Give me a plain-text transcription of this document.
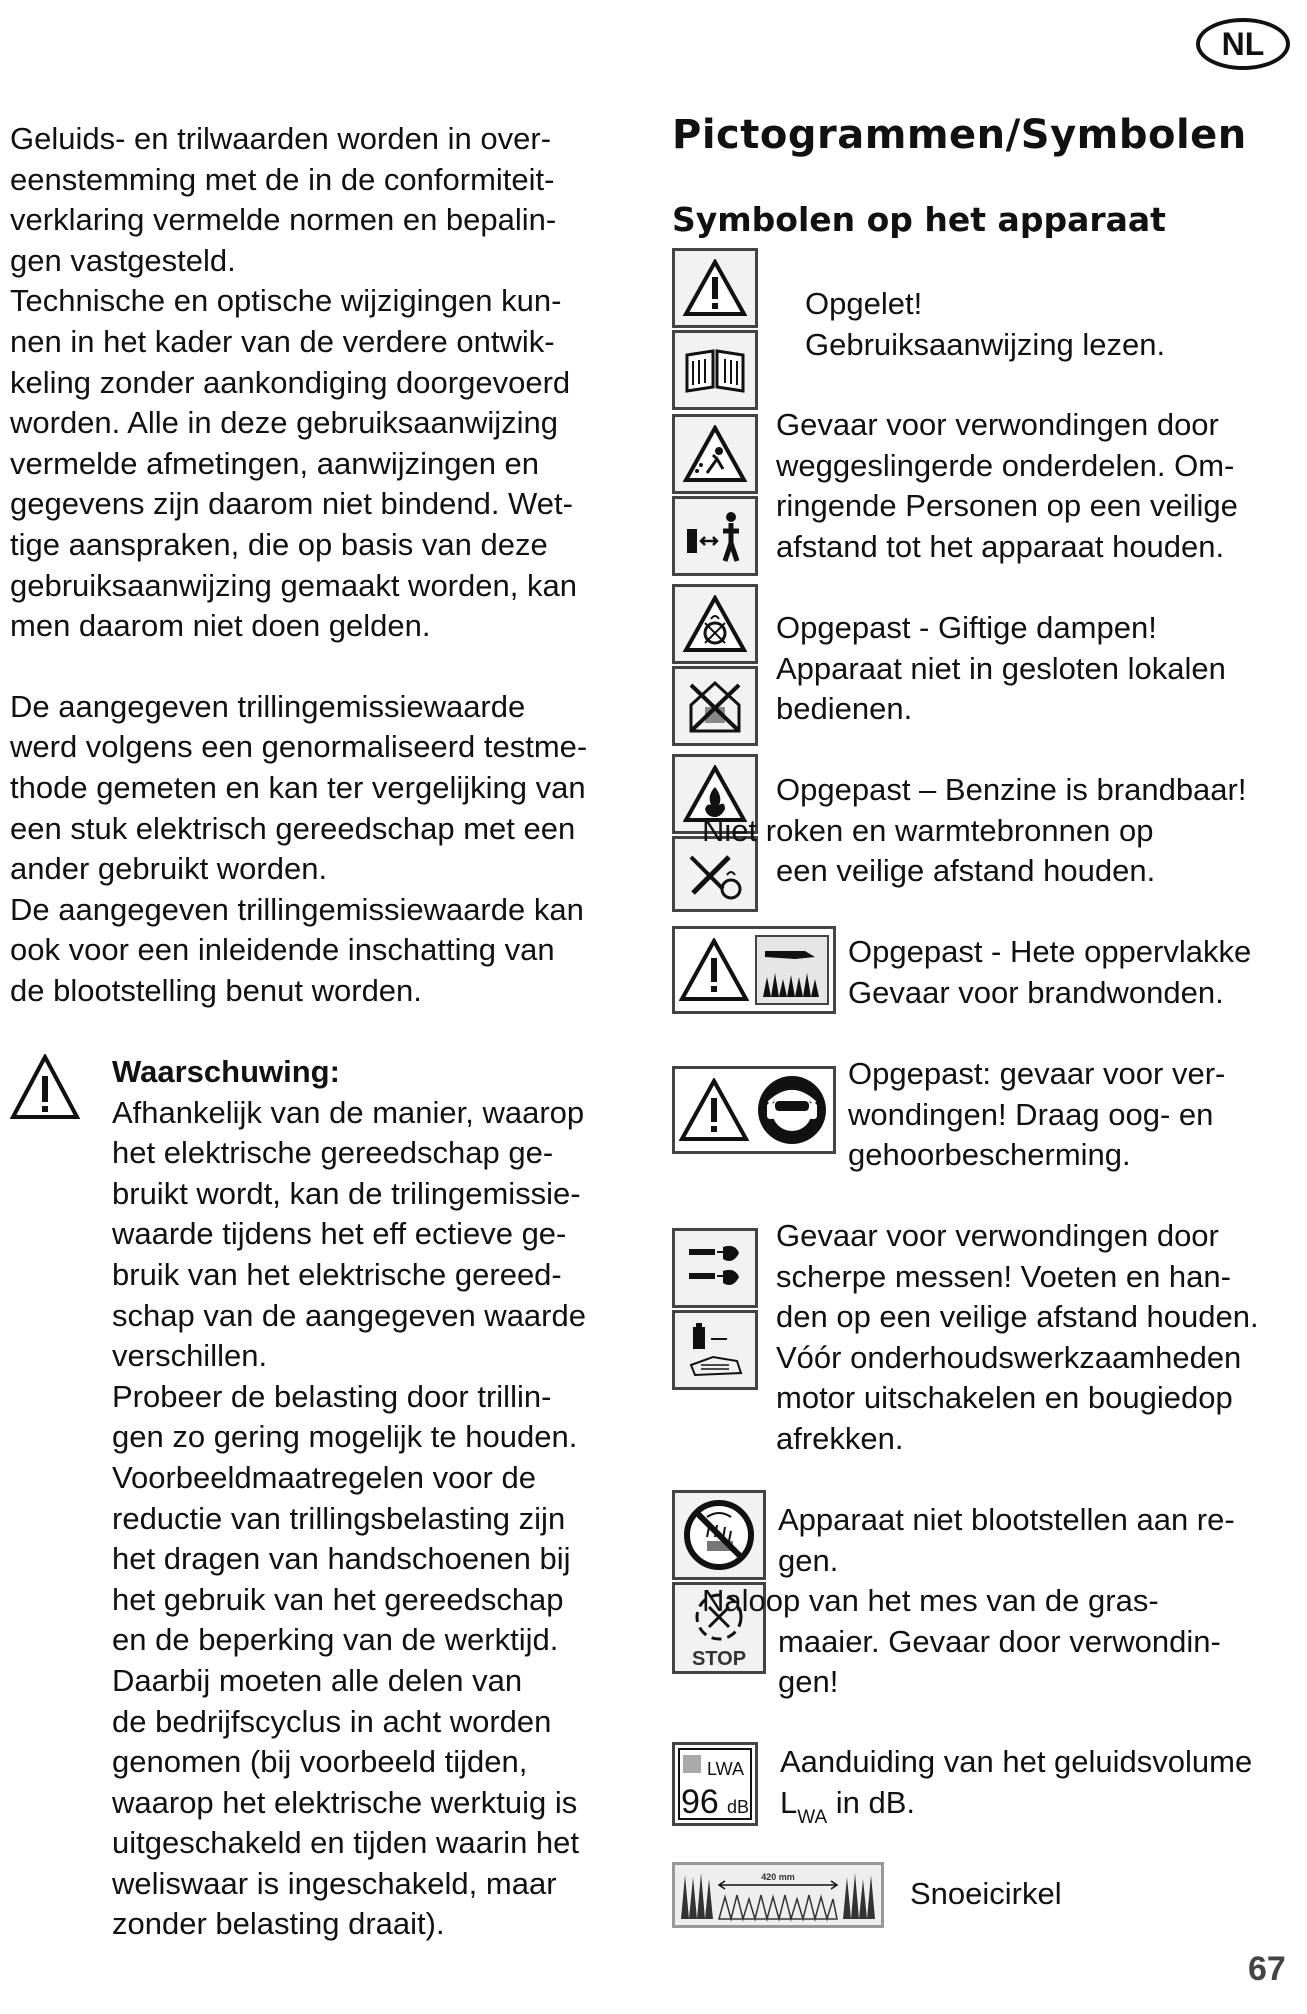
NL

Geluids- en trilwaarden worden in over-

eenstemming met de in de conformiteit-

verklaring vermelde normen en bepalin-

gen vastgesteld.

Technische en optische wijzigingen kun-

nen in het kader van de verdere ontwik-

keling zonder aankondiging doorgevoerd

worden. Alle in deze gebruiksaanwijzing

vermelde afmetingen, aanwijzingen en

gegevens zijn daarom niet bindend. Wet-

tige aanspraken, die op basis van deze

gebruiksaanwijzing gemaakt worden, kan

men daarom niet doen gelden.

De aangegeven trillingemissiewaarde

werd volgens een genormaliseerd testme-

thode gemeten en kan ter vergelijking van

een stuk elektrisch gereedschap met een

ander gebruikt worden.

De aangegeven trillingemissiewaarde kan

ook voor een inleidende inschatting van

de blootstelling benut worden.

Waarschuwing:
Afhankelijk van de manier, waarop
het elektrische gereedschap ge-
bruikt wordt, kan de trilingemissie-
waarde tijdens het eff ectieve ge-
bruik van het elektrische gereed-
schap van de aangegeven waarde
verschillen.
Probeer de belasting door trillin-
gen zo gering mogelijk te houden.
Voorbeeldmaatregelen voor de
reductie van trillingsbelasting zijn
het dragen van handschoenen bij
het gebruik van het gereedschap
en de beperking van de werktijd.
Daarbij moeten alle delen van
de bedrijfscyclus in acht worden
genomen (bij voorbeeld tijden,
waarop het elektrische werktuig is
uitgeschakeld en tijden waarin het
weliswaar is ingeschakeld, maar
zonder belasting draait).
Pictogrammen/Symbolen
Symbolen op het apparaat
Opgelet!
Gebruiksaanwijzing lezen.
Gevaar voor verwondingen door
weggeslingerde onderdelen. Om-
ringende Personen op een veilige
afstand tot het apparaat houden.
Opgepast - Giftige dampen!
Apparaat niet in gesloten lokalen
bedienen.
Opgepast – Benzine is brandbaar!
Niet roken en warmtebronnen op
een veilige afstand houden.
Opgepast - Hete oppervlakke
Gevaar voor brandwonden.
Opgepast: gevaar voor ver-
wondingen! Draag oog- en
gehoorbescherming.
Gevaar voor verwondingen door
scherpe messen! Voeten en han-
den op een veilige afstand houden.
Vóór onderhoudswerkzaamheden
motor uitschakelen en bougiedop
afrekken.
STOP
Apparaat niet blootstellen aan re-
gen.
Naloop van het mes van de gras-
maaier. Gevaar door verwondin-
gen!
LWA
96 dB
Aanduiding van het geluidsvolume
$L_{WA}$ in dB.
420 mm	Snoeicirkel
67
